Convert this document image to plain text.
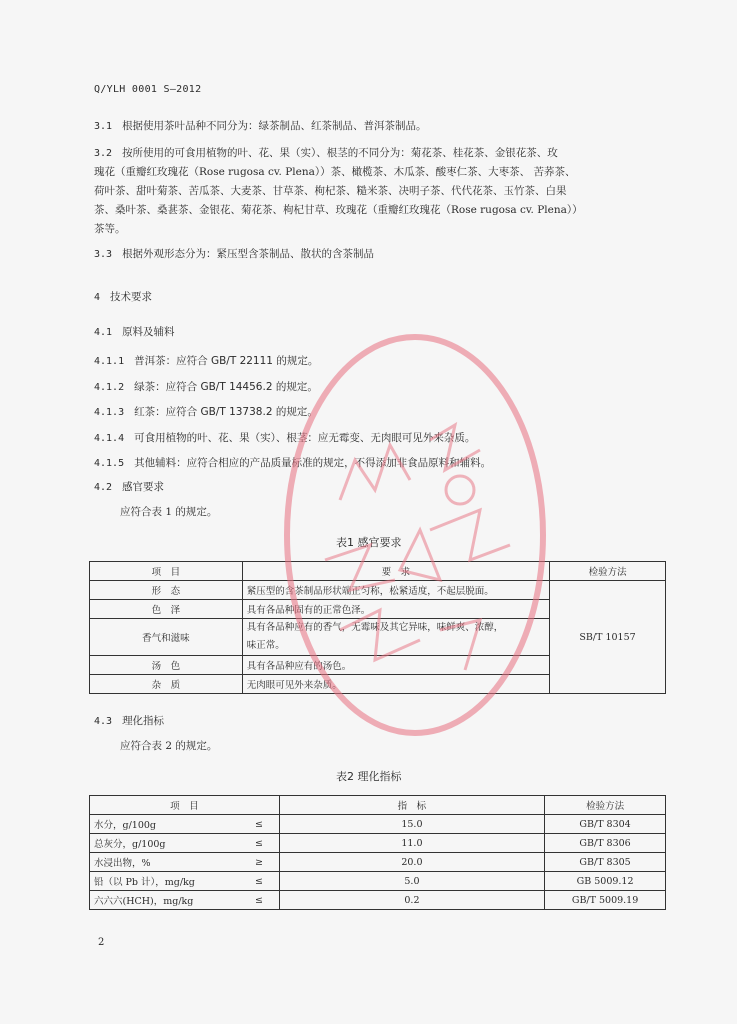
Q/YLH 0001 S—2012
3.1 根据使用茶叶品种不同分为：绿茶制品、红茶制品、普洱茶制品。
3.2 按所使用的可食用植物的叶、花、果（实）、根茎的不同分为：菊花茶、桂花茶、金银花茶、玫
瑰花（重瓣红玫瑰花（Rose rugosa cv. Plena））茶、橄榄茶、木瓜茶、酸枣仁茶、大枣茶、 苦荞茶、
荷叶茶、甜叶菊茶、苦瓜茶、大麦茶、甘草茶、枸杞茶、糙米茶、决明子茶、代代花茶、玉竹茶、白果
茶、桑叶茶、桑葚茶、金银花、菊花茶、枸杞甘草、玫瑰花（重瓣红玫瑰花（Rose rugosa cv. Plena））
茶等。
3.3 根据外观形态分为：紧压型含茶制品、散状的含茶制品
4 技术要求
4.1 原料及辅料
4.1.1 普洱茶：应符合 GB/T 22111 的规定。
4.1.2 绿茶：应符合 GB/T 14456.2 的规定。
4.1.3 红茶：应符合 GB/T 13738.2 的规定。
4.1.4 可食用植物的叶、花、果（实）、根茎：应无霉变、无肉眼可见外来杂质。
4.1.5 其他辅料：应符合相应的产品质量标准的规定，不得添加非食品原料和辅料。
4.2 感官要求
应符合表 1 的规定。
表1 感官要求
项　目	要　求	检验方法
形　态	紧压型的含茶制品形状端正匀称，松紧适度，不起层脱面。	SB/T 10157
色　泽	具有各品种固有的正常色泽。	
香气和滋味	具有各品种应有的香气，无霉味及其它异味，味鲜爽、浓醇，
味正常。	

汤　色	具有各品种应有的汤色。	
杂　质	无肉眼可见外来杂质。	
4.3 理化指标
应符合表 2 的规定。
表2 理化指标
项　目		指　标	检验方法
水分，g/100g	≤	15.0	GB/T 8304
总灰分，g/100g	≤	11.0	GB/T 8306
水浸出物，%	≥	20.0	GB/T 8305
铅（以 Pb 计），mg/kg	≤	5.0	GB 5009.12
六六六(HCH)，mg/kg	≤	0.2	GB/T 5009.19
2
